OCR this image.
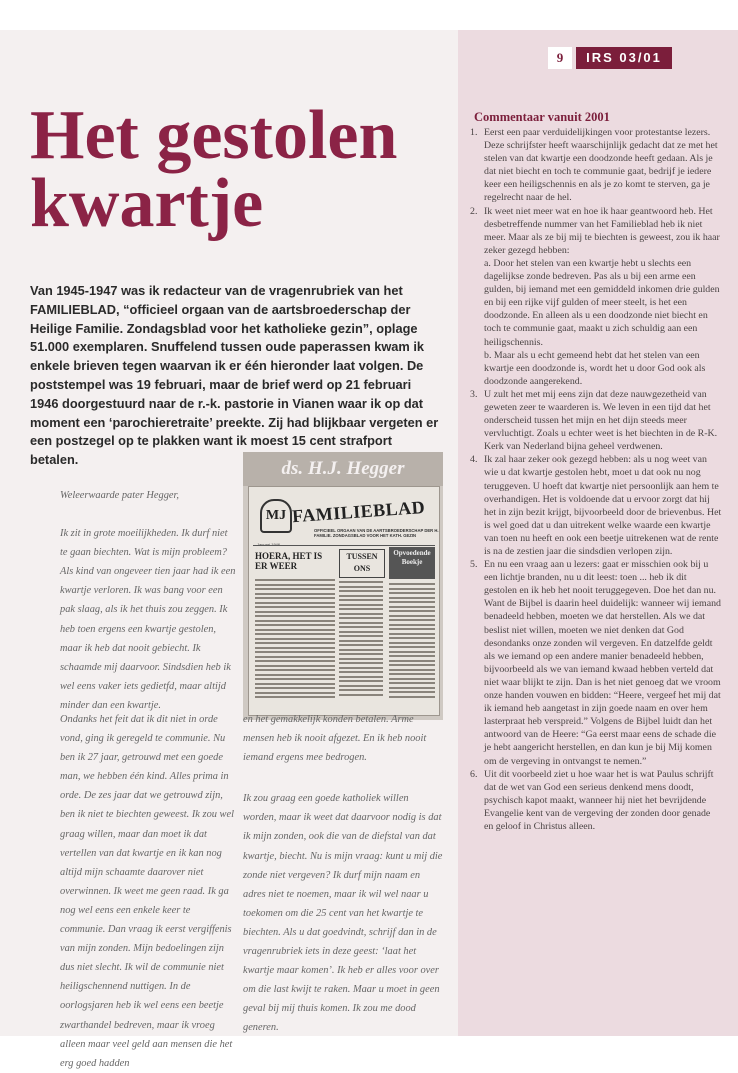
9	IRS 03/01
Het gestolen
kwartje

Van 1945-1947 was ik redacteur van de vragenrubriek van het FAMILIEBLAD, “officieel orgaan van de aartsbroederschap der Heilige Familie. Zondagsblad voor het katholieke gezin”, oplage 51.000 exemplaren. Snuffelend tussen oude paperassen kwam ik enkele brieven tegen waarvan ik er één hieronder laat volgen. De poststempel was 19 februari, maar de brief werd op 21 februari 1946 doorgestuurd naar de r.-k. pastorie in Vianen waar ik op dat moment een ‘parochieretraite’ preekte. Zij had blijkbaar vergeten er een postzegel op te plakken want ik moest 15 cent strafport betalen.

Weleerwaarde pater Hegger,

Ik zit in grote moeilijkheden. Ik durf niet te gaan biechten. Wat is mijn probleem? Als kind van ongeveer tien jaar had ik een kwartje verloren. Ik was bang voor een pak slaag, als ik het thuis zou zeggen. Ik heb toen ergens een kwartje gestolen, maar ik heb dat nooit gebiecht. Ik schaamde mij daarvoor. Sindsdien heb ik wel eens vaker iets gedietfd, maar altijd minder dan een kwartje.

ds. H.J. Hegger
MJ FAMILIEBLAD
OFFICIEEL ORGAAN VAN DE AARTSBROEDERSCHAP DER H. FAMILIE. ZONDAGSBLAD VOOR HET KATH. GEZIN
HOERA, HET IS ER WEER
TUSSEN ONS
Opvoedende Boekje

Ondanks het feit dat ik dit niet in orde vond, ging ik geregeld te communie. Nu ben ik 27 jaar, getrouwd met een goede man, we hebben één kind. Alles prima in orde. De zes jaar dat we getrouwd zijn, ben ik niet te biechten geweest. Ik zou wel graag willen, maar dan moet ik dat vertellen van dat kwartje en ik kan nog altijd mijn schaamte daarover niet overwinnen. Ik weet me geen raad. Ik ga nog wel eens een enkele keer te communie. Dan vraag ik eerst vergiffenis van mijn zonden. Mijn bedoelingen zijn dus niet slecht. Ik wil de communie niet heiligschennend nuttigen. In de oorlogsjaren heb ik wel eens een beetje zwarthandel bedreven, maar ik vroeg alleen maar veel geld aan mensen die het erg goed hadden

en het gemakkelijk konden betalen. Arme mensen heb ik nooit afgezet. En ik heb nooit iemand ergens mee bedrogen.

Ik zou graag een goede katholiek willen worden, maar ik weet dat daarvoor nodig is dat ik mijn zonden, ook die van de diefstal van dat kwartje, biecht. Nu is mijn vraag: kunt u mij die zonde niet vergeven? Ik durf mijn naam en adres niet te noemen, maar ik wil wel naar u toekomen om die 25 cent van het kwartje te biechten. Als u dat goedvindt, schrijf dan in de vragenrubriek iets in deze geest: ‘laat het kwartje maar komen’. Ik heb er alles voor over om die last kwijt te raken. Maar u moet in geen geval bij mij thuis komen. Ik zou me dood generen.

Commentaar vanuit 2001
1. Eerst een paar verduidelijkingen voor protestantse lezers. Deze schrijfster heeft waarschijnlijk gedacht dat ze met het stelen van dat kwartje een doodzonde heeft gedaan. Als je dat niet biecht en toch te communie gaat, bedrijf je iedere keer een heiligschennis en als je zo komt te sterven, ga je regelrecht naar de hel.
2. Ik weet niet meer wat en hoe ik haar geantwoord heb. Het desbetreffende nummer van het Familieblad heb ik niet meer. Maar als ze bij mij te biechten is geweest, zou ik haar zeker gezegd hebben:
a. Door het stelen van een kwartje hebt u slechts een dagelijkse zonde bedreven. Pas als u bij een arme een gulden, bij iemand met een gemiddeld inkomen drie gulden en bij een rijke vijf gulden of meer steelt, is het een doodzonde. En alleen als u een doodzonde niet biecht en toch te communie gaat, maakt u zich schuldig aan een heiligschennis.
b. Maar als u echt gemeend hebt dat het stelen van een kwartje een doodzonde is, wordt het u door God ook als doodzonde aangerekend.
3. U zult het met mij eens zijn dat deze nauwgezetheid van geweten zeer te waarderen is. We leven in een tijd dat het onderscheid tussen het mijn en het dijn steeds meer vervluchtigt. Zoals u echter weet is het biechten in de R-K. Kerk van Nederland bijna geheel verdwenen.
4. Ik zal haar zeker ook gezegd hebben: als u nog weet van wie u dat kwartje gestolen hebt, moet u dat ook nu nog teruggeven. U hoeft dat kwartje niet persoonlijk aan hem te overhandigen. Het is voldoende dat u ervoor zorgt dat hij het in zijn bezit krijgt, bijvoorbeeld door de brievenbus. Het is wel goed dat u dan uitrekent welke waarde een kwartje van toen nu heeft en ook een beetje uitrekenen wat de rente is na de zestien jaar die sindsdien verlopen zijn.
5. En nu een vraag aan u lezers: gaat er misschien ook bij u een lichtje branden, nu u dit leest: toen ... heb ik dit gestolen en ik heb het nooit teruggegeven. Doe het dan nu. Want de Bijbel is daarin heel duidelijk: wanneer wij iemand benadeeld hebben, moeten we dat herstellen. Als we dat beslist niet willen, moeten we niet denken dat God desondanks onze zonden wil vergeven. En datzelfde geldt als we iemand op een andere manier benadeeld hebben, bijvoorbeeld als we van iemand kwaad hebben verteld dat niet waar blijkt te zijn. Dan is het niet genoeg dat we vroom onze handen vouwen en bidden: “Heere, vergeef het mij dat ik iemand heb aangetast in zijn goede naam en over hem lasterpraat heb verspreid.” Volgens de Bijbel luidt dan het antwoord van de Heere: “Ga eerst maar eens de schade die je hebt aangericht herstellen, en dan kun je bij Mij komen om de vergeving in ontvangst te nemen.”
6. Uit dit voorbeeld ziet u hoe waar het is wat Paulus schrijft dat de wet van God een serieus denkend mens doodt, psychisch kapot maakt, wanneer hij niet het bevrijdende Evangelie kent van de vergeving der zonden door genade en geloof in Christus alleen.
